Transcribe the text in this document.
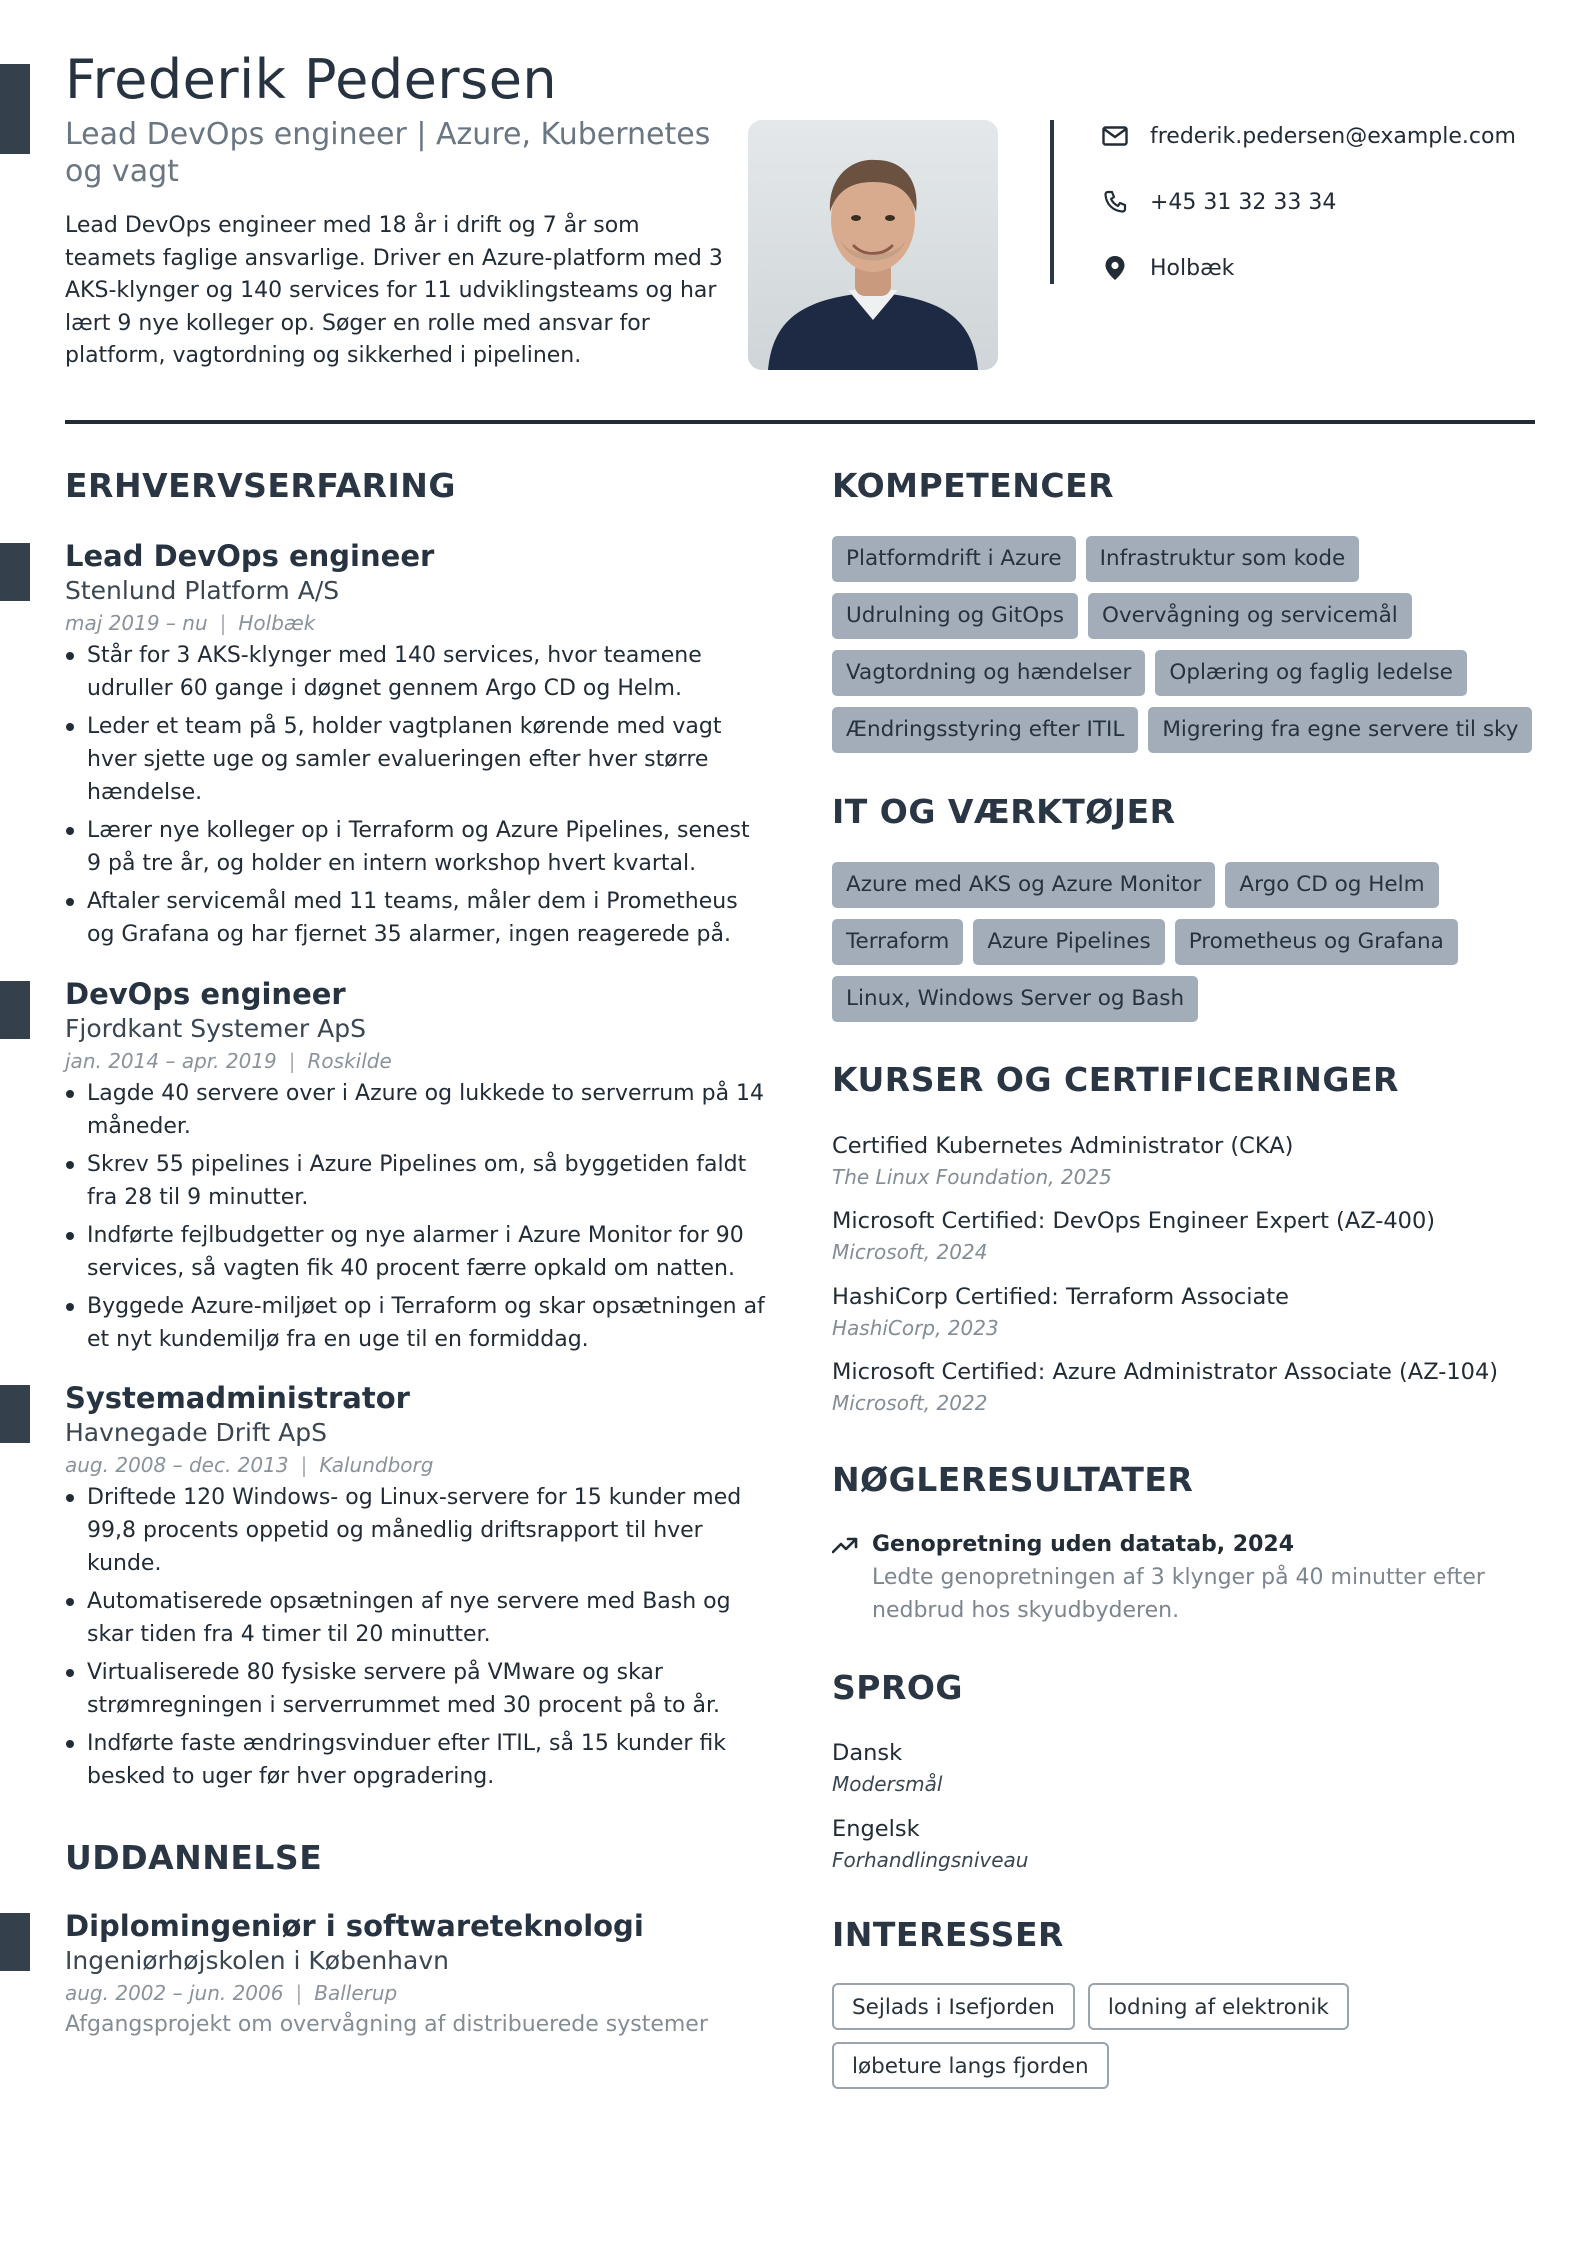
Frederik Pedersen
Lead DevOps engineer | Azure, Kubernetes og vagt
Lead DevOps engineer med 18 år i drift og 7 år som teamets faglige ansvarlige. Driver en Azure-platform med 3 AKS-klynger og 140 services for 11 udviklingsteams og har lært 9 nye kolleger op. Søger en rolle med ansvar for platform, vagtordning og sikkerhed i pipelinen.
frederik.pedersen@example.com
+45 31 32 33 34
Holbæk
ERHVERVSERFARING
Lead DevOps engineer
Stenlund Platform A/S
maj 2019 – nu | Holbæk
Står for 3 AKS-klynger med 140 services, hvor teamene udruller 60 gange i døgnet gennem Argo CD og Helm.
Leder et team på 5, holder vagtplanen kørende med vagt hver sjette uge og samler evalueringen efter hver større hændelse.
Lærer nye kolleger op i Terraform og Azure Pipelines, senest 9 på tre år, og holder en intern workshop hvert kvartal.
Aftaler servicemål med 11 teams, måler dem i Prometheus og Grafana og har fjernet 35 alarmer, ingen reagerede på.
DevOps engineer
Fjordkant Systemer ApS
jan. 2014 – apr. 2019 | Roskilde
Lagde 40 servere over i Azure og lukkede to serverrum på 14 måneder.
Skrev 55 pipelines i Azure Pipelines om, så byggetiden faldt fra 28 til 9 minutter.
Indførte fejlbudgetter og nye alarmer i Azure Monitor for 90 services, så vagten fik 40 procent færre opkald om natten.
Byggede Azure-miljøet op i Terraform og skar opsætningen af et nyt kundemiljø fra en uge til en formiddag.
Systemadministrator
Havnegade Drift ApS
aug. 2008 – dec. 2013 | Kalundborg
Driftede 120 Windows- og Linux-servere for 15 kunder med 99,8 procents oppetid og månedlig driftsrapport til hver kunde.
Automatiserede opsætningen af nye servere med Bash og skar tiden fra 4 timer til 20 minutter.
Virtualiserede 80 fysiske servere på VMware og skar strømregningen i serverrummet med 30 procent på to år.
Indførte faste ændringsvinduer efter ITIL, så 15 kunder fik besked to uger før hver opgradering.
UDDANNELSE
Diplomingeniør i softwareteknologi
Ingeniørhøjskolen i København
aug. 2002 – jun. 2006 | Ballerup
Afgangsprojekt om overvågning af distribuerede systemer
KOMPETENCER
Platformdrift i Azure	Infrastruktur som kode
Udrulning og GitOps	Overvågning og servicemål
Vagtordning og hændelser	Oplæring og faglig ledelse
Ændringsstyring efter ITIL	Migrering fra egne servere til sky
IT OG VÆRKTØJER
Azure med AKS og Azure Monitor	Argo CD og Helm
Terraform	Azure Pipelines	Prometheus og Grafana
Linux, Windows Server og Bash
KURSER OG CERTIFICERINGER
Certified Kubernetes Administrator (CKA)
The Linux Foundation, 2025
Microsoft Certified: DevOps Engineer Expert (AZ-400)
Microsoft, 2024
HashiCorp Certified: Terraform Associate
HashiCorp, 2023
Microsoft Certified: Azure Administrator Associate (AZ-104)
Microsoft, 2022
NØGLERESULTATER
Genopretning uden datatab, 2024
Ledte genopretningen af 3 klynger på 40 minutter efter nedbrud hos skyudbyderen.
SPROG
Dansk
Modersmål
Engelsk
Forhandlingsniveau
INTERESSER
Sejlads i Isefjorden	lodning af elektronik
løbeture langs fjorden
